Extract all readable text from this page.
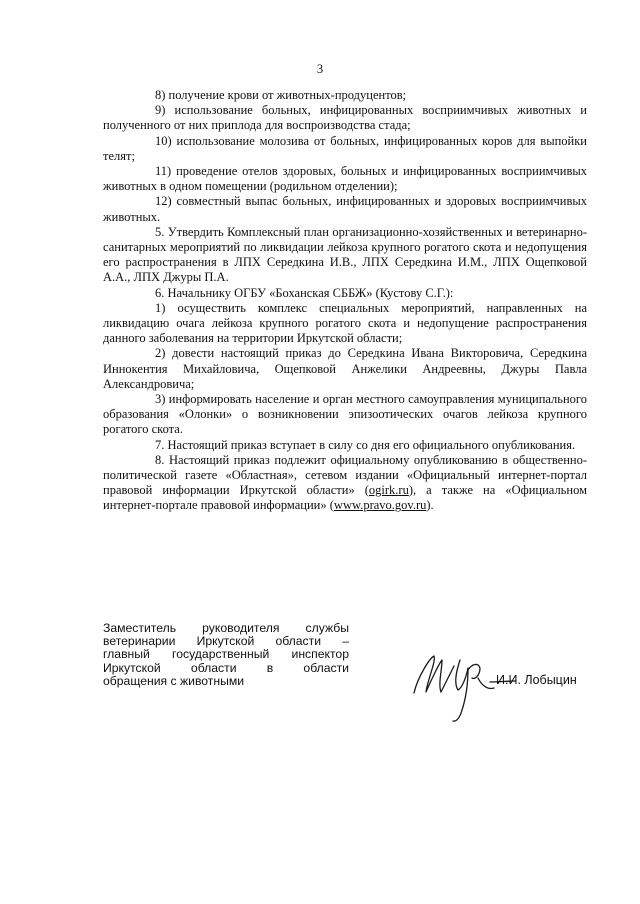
3

8) получение крови от животных-продуцентов;

9) использование больных, инфицированных восприимчивых животных и полученного от них приплода для воспроизводства стада;

10) использование молозива от больных, инфицированных коров для выпойки телят;

11) проведение отелов здоровых, больных и инфицированных восприимчивых животных в одном помещении (родильном отделении);

12) совместный выпас больных, инфицированных и здоровых восприимчивых животных.

5. Утвердить Комплексный план организационно-хозяйственных и ветеринарно-санитарных мероприятий по ликвидации лейкоза крупного рогатого скота и недопущения его распространения в ЛПХ Середкина И.В., ЛПХ Середкина И.М., ЛПХ Ощепковой А.А., ЛПХ Джуры П.А.

6. Начальнику ОГБУ «Боханская СББЖ» (Кустову С.Г.):

1) осуществить комплекс специальных мероприятий, направленных на ликвидацию очага лейкоза крупного рогатого скота и недопущение распространения данного заболевания на территории Иркутской области;

2) довести настоящий приказ до Середкина Ивана Викторовича, Середкина Иннокентия Михайловича, Ощепковой Анжелики Андреевны, Джуры Павла Александровича;

3) информировать население и орган местного самоуправления муниципального образования «Олонки» о возникновении эпизоотических очагов лейкоза крупного рогатого скота.

7. Настоящий приказ вступает в силу со дня его официального опубликования.

8. Настоящий приказ подлежит официальному опубликованию в общественно-политической газете «Областная», сетевом издании «Официальный интернет-портал правовой информации Иркутской области» (ogirk.ru), а также на «Официальном интернет-портале правовой информации» (www.pravo.gov.ru).

Заместитель руководителя службы
ветеринарии Иркутской области –
главный государственный инспектор
Иркутской области в области
обращения с животными	И.И. Лобыцин
